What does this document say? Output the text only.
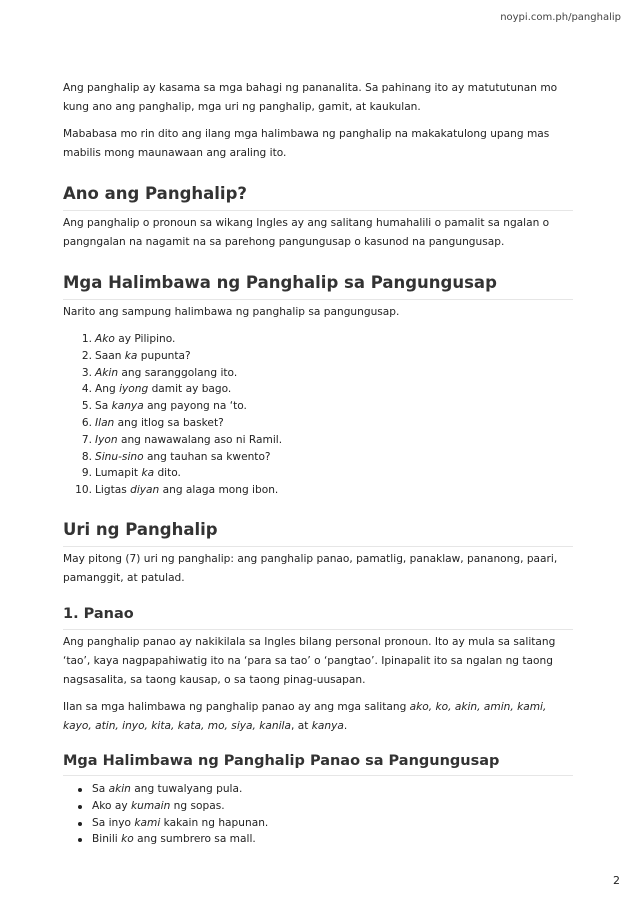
noypi.com.ph/panghalip

Ang panghalip ay kasama sa mga bahagi ng pananalita. Sa pahinang ito ay matututunan mo
kung ano ang panghalip, mga uri ng panghalip, gamit, at kaukulan.

Mababasa mo rin dito ang ilang mga halimbawa ng panghalip na makakatulong upang mas
mabilis mong maunawaan ang araling ito.

Ano ang Panghalip?

Ang panghalip o pronoun sa wikang Ingles ay ang salitang humahalili o pamalit sa ngalan o
pangngalan na nagamit na sa parehong pangungusap o kasunod na pangungusap.

Mga Halimbawa ng Panghalip sa Pangungusap

Narito ang sampung halimbawa ng panghalip sa pangungusap.

1. Ako ay Pilipino.
2. Saan ka pupunta?
3. Akin ang saranggolang ito.
4. Ang iyong damit ay bago.
5. Sa kanya ang payong na ‘to.
6. Ilan ang itlog sa basket?
7. Iyon ang nawawalang aso ni Ramil.
8. Sinu-sino ang tauhan sa kwento?
9. Lumapit ka dito.
10. Ligtas diyan ang alaga mong ibon.
Uri ng Panghalip

May pitong (7) uri ng panghalip: ang panghalip panao, pamatlig, panaklaw, pananong, paari,
pamanggit, at patulad.

1. Panao

Ang panghalip panao ay nakikilala sa Ingles bilang personal pronoun. Ito ay mula sa salitang
‘tao’, kaya nagpapahiwatig ito na ‘para sa tao’ o ‘pangtao’. Ipinapalit ito sa ngalan ng taong
nagsasalita, sa taong kausap, o sa taong pinag-uusapan.

Ilan sa mga halimbawa ng panghalip panao ay ang mga salitang ako, ko, akin, amin, kami,
kayo, atin, inyo, kita, kata, mo, siya, kanila, at kanya.

Mga Halimbawa ng Panghalip Panao sa Pangungusap
Sa akin ang tuwalyang pula.
Ako ay kumain ng sopas.
Sa inyo kami kakain ng hapunan.
Binili ko ang sumbrero sa mall.
2
